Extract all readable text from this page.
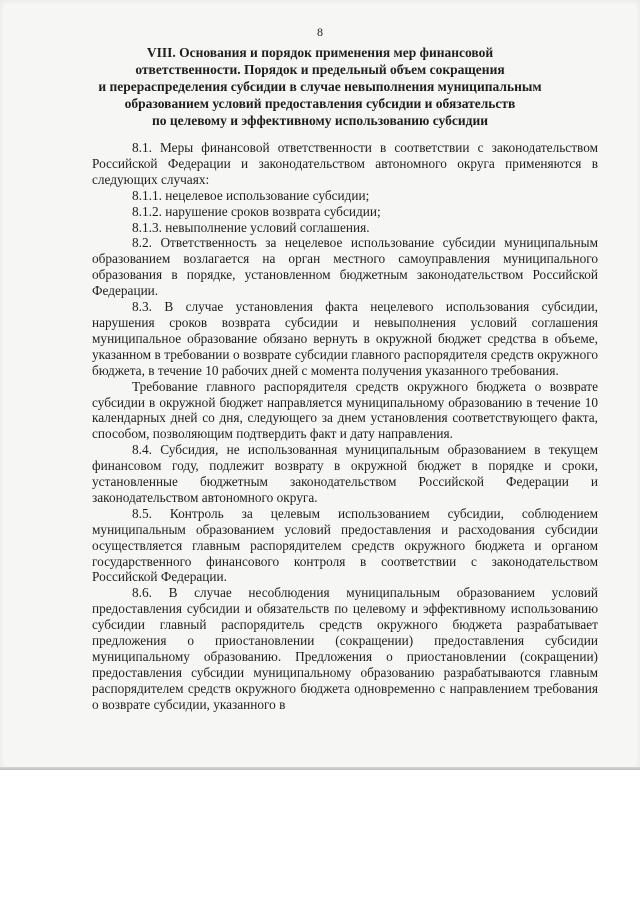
8
VIII. Основания и порядок применения мер финансовой
ответственности. Порядок и предельный объем сокращения
и перераспределения субсидии в случае невыполнения муниципальным
образованием условий предоставления субсидии и обязательств
по целевому и эффективному использованию субсидии

8.1. Меры финансовой ответственности в соответствии с законодательством Российской Федерации и законодательством автономного округа применяются в следующих случаях:

8.1.1. нецелевое использование субсидии;

8.1.2. нарушение сроков возврата субсидии;

8.1.3. невыполнение условий соглашения.

8.2. Ответственность за нецелевое использование субсидии муниципальным образованием возлагается на орган местного самоуправления муниципального образования в порядке, установленном бюджетным законодательством Российской Федерации.

8.3. В случае установления факта нецелевого использования субсидии, нарушения сроков возврата субсидии и невыполнения условий соглашения муниципальное образование обязано вернуть в окружной бюджет средства в объеме, указанном в требовании о возврате субсидии главного распорядителя средств окружного бюджета, в течение 10 рабочих дней с момента получения указанного требования.

Требование главного распорядителя средств окружного бюджета о возврате субсидии в окружной бюджет направляется муниципальному образованию в течение 10 календарных дней со дня, следующего за днем установления соответствующего факта, способом, позволяющим подтвердить факт и дату направления.

8.4. Субсидия, не использованная муниципальным образованием в текущем финансовом году, подлежит возврату в окружной бюджет в порядке и сроки, установленные бюджетным законодательством Российской Федерации и законодательством автономного округа.

8.5. Контроль за целевым использованием субсидии, соблюдением муниципальным образованием условий предоставления и расходования субсидии осуществляется главным распорядителем средств окружного бюджета и органом государственного финансового контроля в соответствии с законодательством Российской Федерации.

8.6. В случае несоблюдения муниципальным образованием условий предоставления субсидии и обязательств по целевому и эффективному использованию субсидии главный распорядитель средств окружного бюджета разрабатывает предложения о приостановлении (сокращении) предоставления субсидии муниципальному образованию. Предложения о приостановлении (сокращении) предоставления субсидии муниципальному образованию разрабатываются главным распорядителем средств окружного бюджета одновременно с направлением требования о возврате субсидии, указанного в
